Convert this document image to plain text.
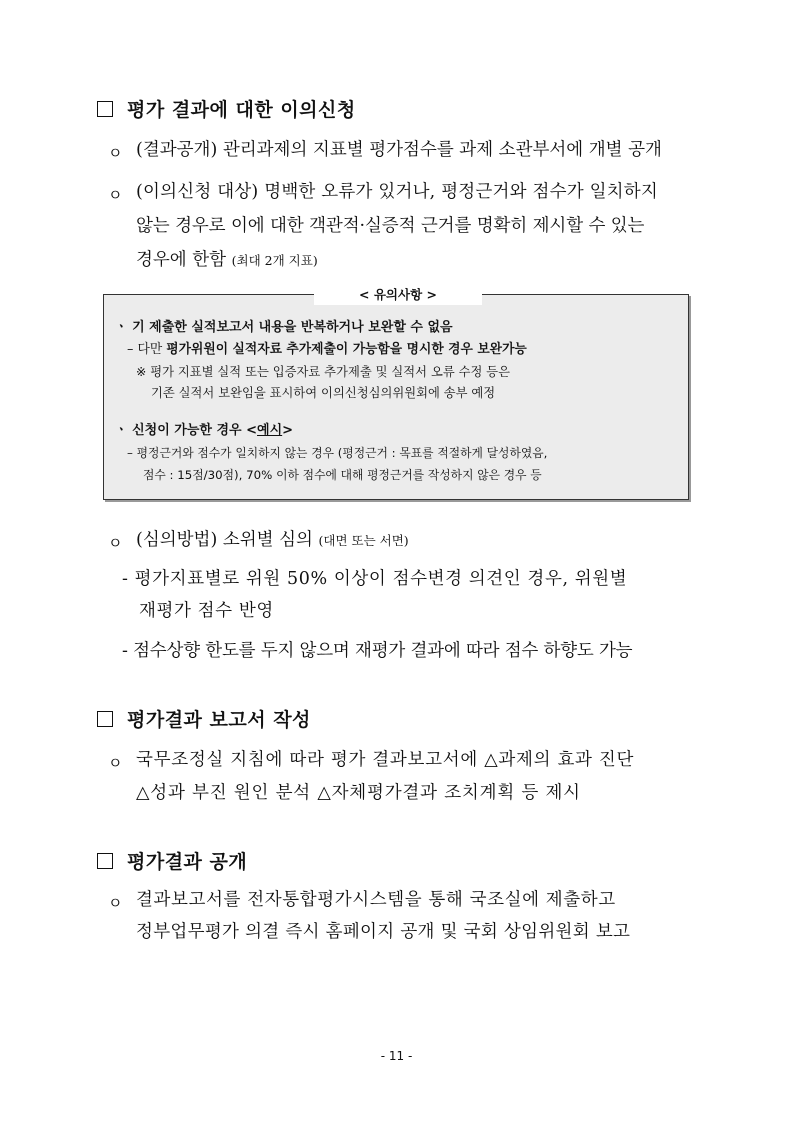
평가 결과에 대한 이의신청
ㅇ (결과공개) 관리과제의 지표별 평가점수를 과제 소관부서에 개별 공개
ㅇ (이의신청 대상) 명백한 오류가 있거나, 평정근거와 점수가 일치하지
않는 경우로 이에 대한 객관적·실증적 근거를 명확히 제시할 수 있는
경우에 한함 (최대 2개 지표)
< 유의사항 >
ㆍ 기 제출한 실적보고서 내용을 반복하거나 보완할 수 없음
– 다만 평가위원이 실적자료 추가제출이 가능함을 명시한 경우 보완가능
※ 평가 지표별 실적 또는 입증자료 추가제출 및 실적서 오류 수정 등은
기존 실적서 보완임을 표시하여 이의신청심의위원회에 송부 예정
ㆍ 신청이 가능한 경우 <예시>
– 평정근거와 점수가 일치하지 않는 경우 (평정근거 : 목표를 적절하게 달성하였음,
점수 : 15점/30점), 70% 이하 점수에 대해 평정근거를 작성하지 않은 경우 등
ㅇ (심의방법) 소위별 심의 (대면 또는 서면)
- 평가지표별로 위원 50% 이상이 점수변경 의견인 경우, 위원별
재평가 점수 반영
- 점수상향 한도를 두지 않으며 재평가 결과에 따라 점수 하향도 가능
평가결과 보고서 작성
ㅇ 국무조정실 지침에 따라 평가 결과보고서에 △과제의 효과 진단
△성과 부진 원인 분석 △자체평가결과 조치계획 등 제시
평가결과 공개
ㅇ 결과보고서를 전자통합평가시스템을 통해 국조실에 제출하고
정부업무평가 의결 즉시 홈페이지 공개 및 국회 상임위원회 보고
- 11 -
